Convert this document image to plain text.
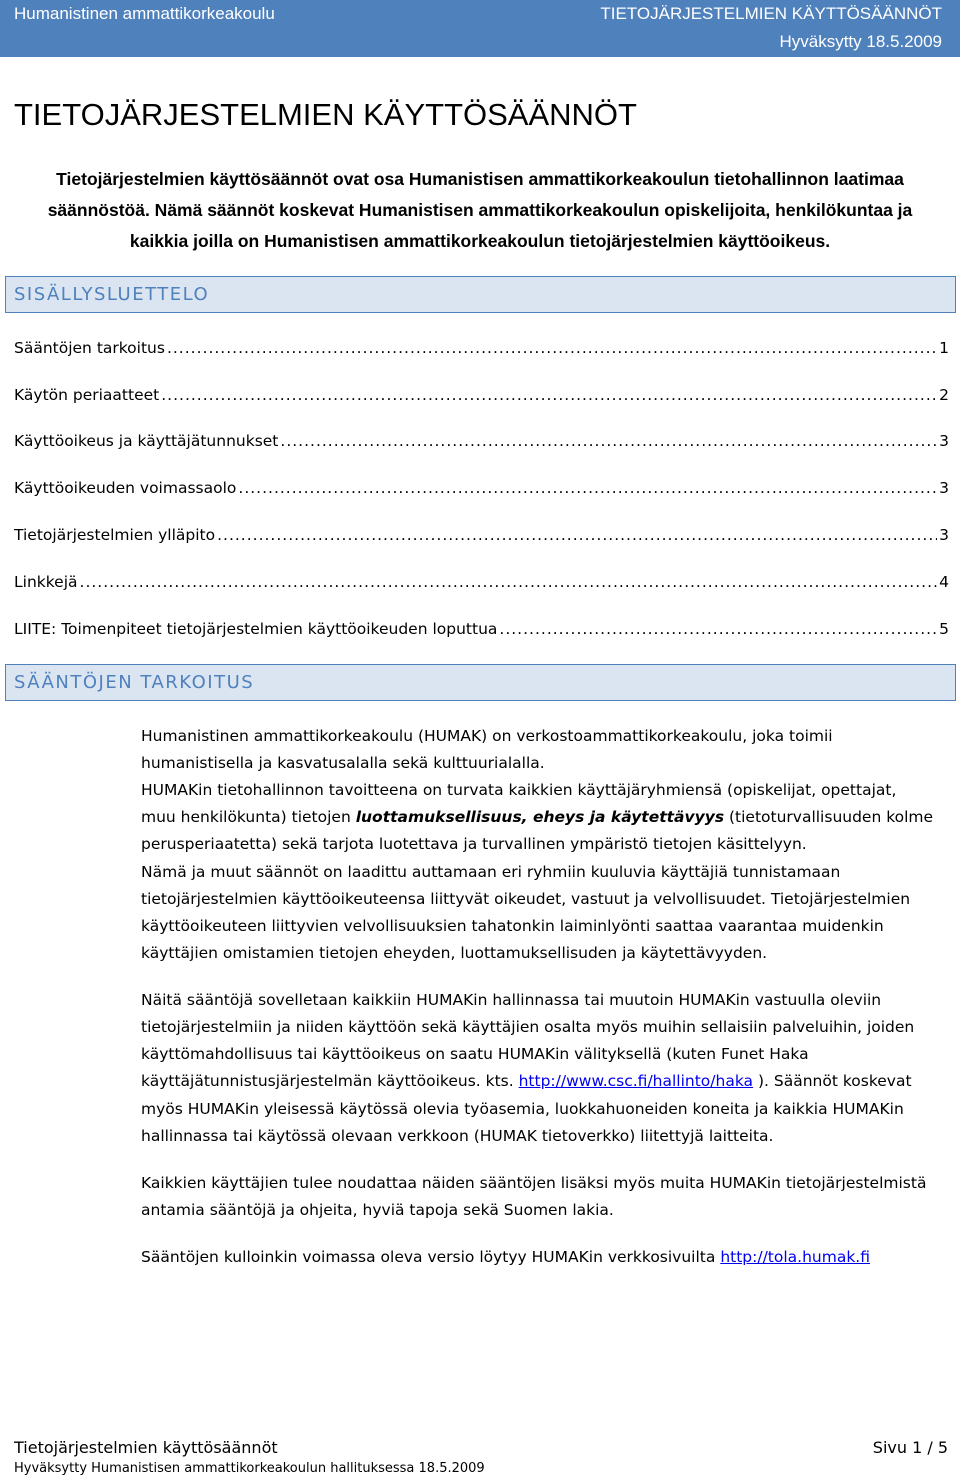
Humanistinen ammattikorkeakoulu	TIETOJÄRJESTELMIEN KÄYTTÖSÄÄNNÖT
Hyväksytty 18.5.2009
TIETOJÄRJESTELMIEN KÄYTTÖSÄÄNNÖT
Tietojärjestelmien käyttösäännöt ovat osa Humanistisen ammattikorkeakoulun tietohallinnon laatimaa
säännöstöä. Nämä säännöt koskevat Humanistisen ammattikorkeakoulun opiskelijoita, henkilökuntaa ja
kaikkia joilla on Humanistisen ammattikorkeakoulun tietojärjestelmien käyttöoikeus.
SISÄLLYSLUETTELO
Sääntöjen tarkoitus .....	1
Käytön periaatteet .....	2
Käyttöoikeus ja käyttäjätunnukset .....	3
Käyttöoikeuden voimassaolo .....	3
Tietojärjestelmien ylläpito .....	3
Linkkejä .....	4
LIITE: Toimenpiteet tietojärjestelmien käyttöoikeuden loputtua .....	5
SÄÄNTÖJEN TARKOITUS
Humanistinen ammattikorkeakoulu (HUMAK) on verkostoammattikorkeakoulu, joka toimii
humanistisella ja kasvatusalalla sekä kulttuurialalla.
HUMAKin tietohallinnon tavoitteena on turvata kaikkien käyttäjäryhmiensä (opiskelijat, opettajat,
muu henkilökunta) tietojen luottamuksellisuus, eheys ja käytettävyys (tietoturvallisuuden kolme
perusperiaatetta) sekä tarjota luotettava ja turvallinen ympäristö tietojen käsittelyyn.
Nämä ja muut säännöt on laadittu auttamaan eri ryhmiin kuuluvia käyttäjiä tunnistamaan
tietojärjestelmien käyttöoikeuteensa liittyvät oikeudet, vastuut ja velvollisuudet. Tietojärjestelmien
käyttöoikeuteen liittyvien velvollisuuksien tahatonkin laiminlyönti saattaa vaarantaa muidenkin
käyttäjien omistamien tietojen eheyden, luottamuksellisuden ja käytettävyyden.
Näitä sääntöjä sovelletaan kaikkiin HUMAKin hallinnassa tai muutoin HUMAKin vastuulla oleviin
tietojärjestelmiin ja niiden käyttöön sekä käyttäjien osalta myös muihin sellaisiin palveluihin, joiden
käyttömahdollisuus tai käyttöoikeus on saatu HUMAKin välityksellä (kuten Funet Haka
käyttäjätunnistusjärjestelmän käyttöoikeus. kts. http://www.csc.fi/hallinto/haka ). Säännöt koskevat
myös HUMAKin yleisessä käytössä olevia työasemia, luokkahuoneiden koneita ja kaikkia HUMAKin
hallinnassa tai käytössä olevaan verkkoon (HUMAK tietoverkko) liitettyjä laitteita.
Kaikkien käyttäjien tulee noudattaa näiden sääntöjen lisäksi myös muita HUMAKin tietojärjestelmistä
antamia sääntöjä ja ohjeita, hyviä tapoja sekä Suomen lakia.
Sääntöjen kulloinkin voimassa oleva versio löytyy HUMAKin verkkosivuilta http://tola.humak.fi
Tietojärjestelmien käyttösäännöt	Sivu 1 / 5
Hyväksytty Humanistisen ammattikorkeakoulun hallituksessa 18.5.2009
